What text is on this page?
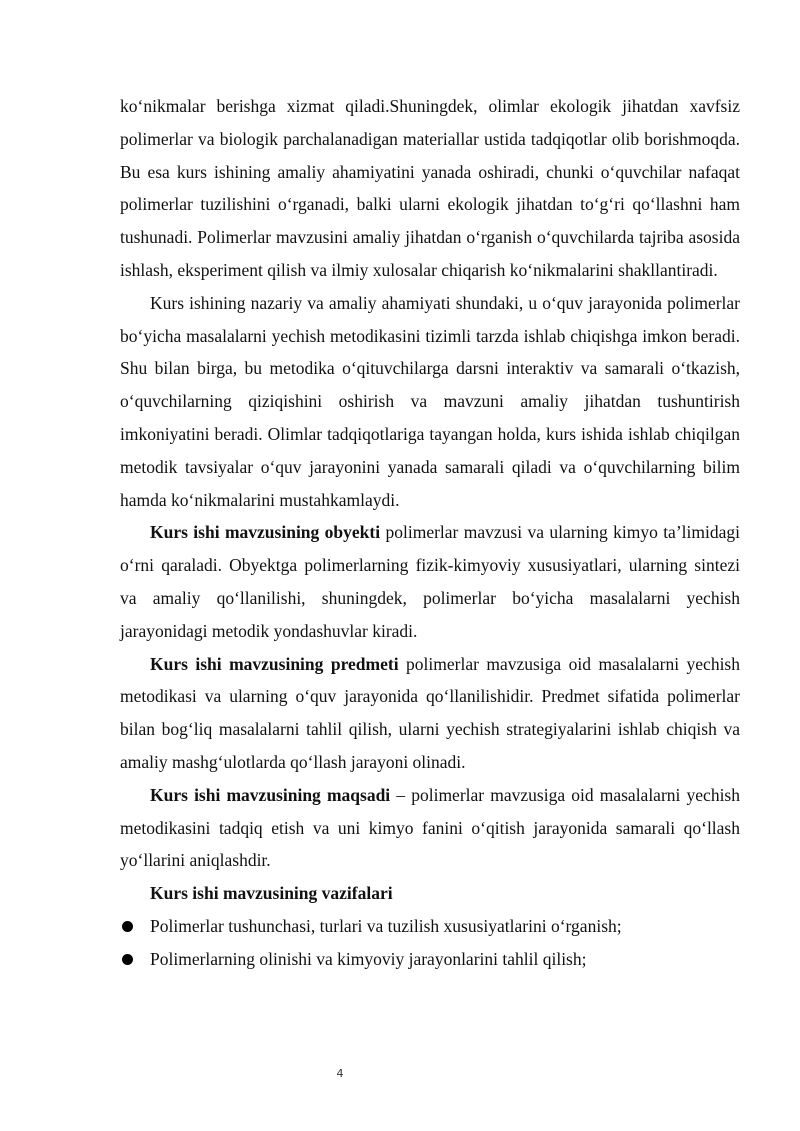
ko‘nikmalar berishga xizmat qiladi.Shuningdek, olimlar ekologik jihatdan xavfsiz polimerlar va biologik parchalanadigan materiallar ustida tadqiqotlar olib borishmoqda. Bu esa kurs ishining amaliy ahamiyatini yanada oshiradi, chunki o‘quvchilar nafaqat polimerlar tuzilishini o‘rganadi, balki ularni ekologik jihatdan to‘g‘ri qo‘llashni ham tushunadi. Polimerlar mavzusini amaliy jihatdan o‘rganish o‘quvchilarda tajriba asosida ishlash, eksperiment qilish va ilmiy xulosalar chiqarish ko‘nikmalarini shakllantiradi.

Kurs ishining nazariy va amaliy ahamiyati shundaki, u o‘quv jarayonida polimerlar bo‘yicha masalalarni yechish metodikasini tizimli tarzda ishlab chiqishga imkon beradi. Shu bilan birga, bu metodika o‘qituvchilarga darsni interaktiv va samarali o‘tkazish, o‘quvchilarning qiziqishini oshirish va mavzuni amaliy jihatdan tushuntirish imkoniyatini beradi. Olimlar tadqiqotlariga tayangan holda, kurs ishida ishlab chiqilgan metodik tavsiyalar o‘quv jarayonini yanada samarali qiladi va o‘quvchilarning bilim hamda ko‘nikmalarini mustahkamlaydi.

Kurs ishi mavzusining obyekti polimerlar mavzusi va ularning kimyo ta’limidagi o‘rni qaraladi. Obyektga polimerlarning fizik-kimyoviy xususiyatlari, ularning sintezi va amaliy qo‘llanilishi, shuningdek, polimerlar bo‘yicha masalalarni yechish jarayonidagi metodik yondashuvlar kiradi.

Kurs ishi mavzusining predmeti polimerlar mavzusiga oid masalalarni yechish metodikasi va ularning o‘quv jarayonida qo‘llanilishidir. Predmet sifatida polimerlar bilan bog‘liq masalalarni tahlil qilish, ularni yechish strategiyalarini ishlab chiqish va amaliy mashg‘ulotlarda qo‘llash jarayoni olinadi.

Kurs ishi mavzusining maqsadi – polimerlar mavzusiga oid masalalarni yechish metodikasini tadqiq etish va uni kimyo fanini o‘qitish jarayonida samarali qo‘llash yo‘llarini aniqlashdir.

Kurs ishi mavzusining vazifalari

Polimerlar tushunchasi, turlari va tuzilish xususiyatlarini o‘rganish;
Polimerlarning olinishi va kimyoviy jarayonlarini tahlil qilish;
4
